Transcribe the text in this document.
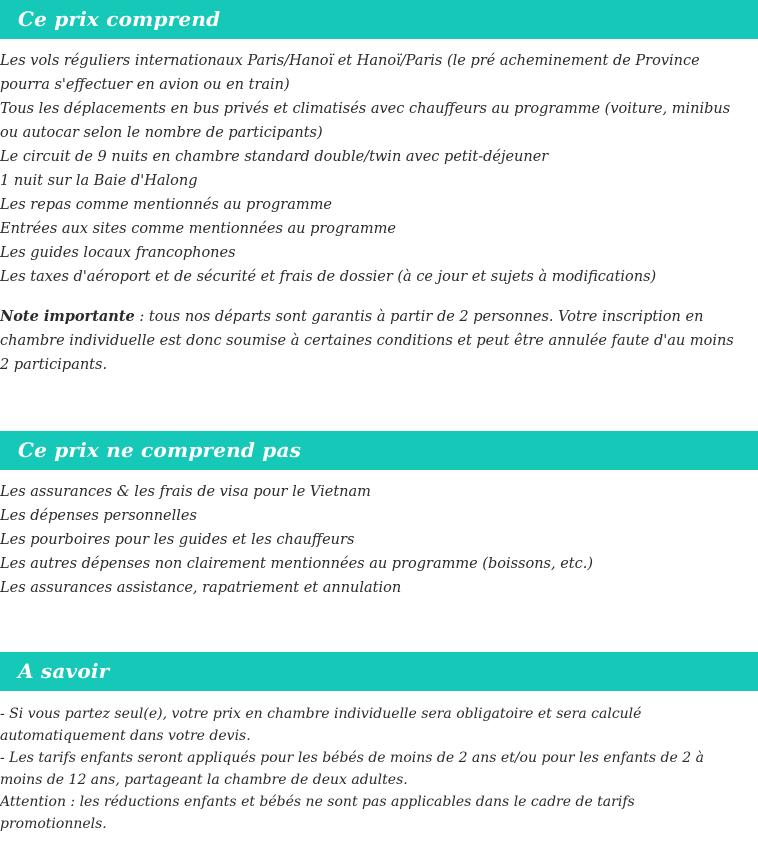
Ce prix comprend

Les vols réguliers internationaux Paris/Hanoï et Hanoï/Paris (le pré acheminement de Province pourra s'effectuer en avion ou en train)

Tous les déplacements en bus privés et climatisés avec chauffeurs au programme (voiture, minibus ou autocar selon le nombre de participants)

Le circuit de 9 nuits en chambre standard double/twin avec petit-déjeuner

1 nuit sur la Baie d'Halong

Les repas comme mentionnés au programme

Entrées aux sites comme mentionnées au programme

Les guides locaux francophones

Les taxes d'aéroport et de sécurité et frais de dossier (à ce jour et sujets à modifications)

Note importante : tous nos départs sont garantis à partir de 2 personnes. Votre inscription en chambre individuelle est donc soumise à certaines conditions et peut être annulée faute d'au moins 2 participants.

Ce prix ne comprend pas

Les assurances & les frais de visa pour le Vietnam

Les dépenses personnelles

Les pourboires pour les guides et les chauffeurs

Les autres dépenses non clairement mentionnées au programme (boissons, etc.)

Les assurances assistance, rapatriement et annulation

A savoir

- Si vous partez seul(e), votre prix en chambre individuelle sera obligatoire et sera calculé automatiquement dans votre devis.

- Les tarifs enfants seront appliqués pour les bébés de moins de 2 ans et/ou pour les enfants de 2 à moins de 12 ans, partageant la chambre de deux adultes.

Attention : les réductions enfants et bébés ne sont pas applicables dans le cadre de tarifs promotionnels.
